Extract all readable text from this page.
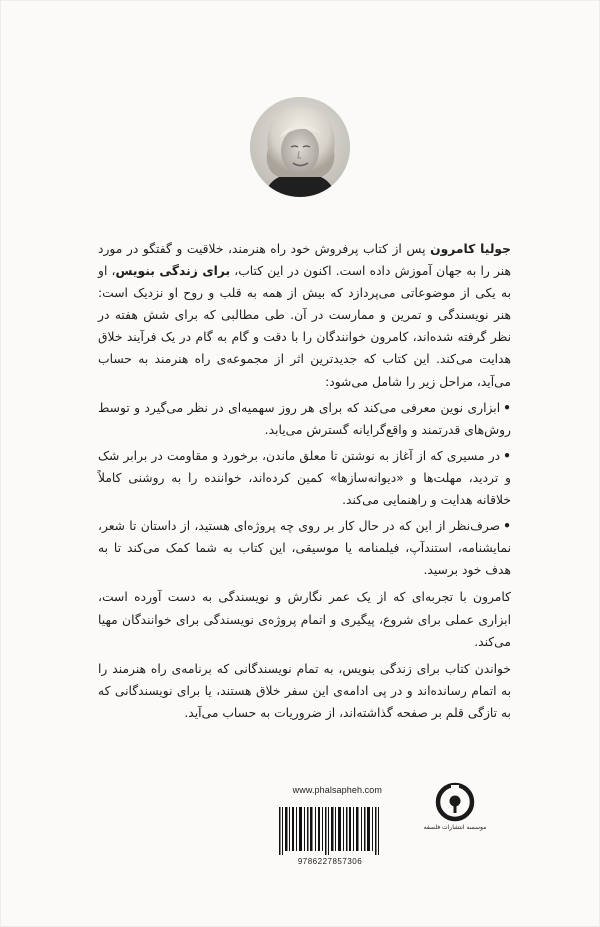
جولیا کامرون پس از کتاب پرفروش خود راه هنرمند، خلاقیت و گفتگو در مورد هنر را به جهان آموزش داده است. اکنون در این کتاب، برای زندگی بنویس، او به یکی از موضوعاتی می‌پردازد که بیش از همه به قلب و روح او نزدیک است: هنر نویسندگی و تمرین و ممارست در آن. طی مطالبی که برای شش هفته در نظر گرفته شده‌اند، کامرون خوانندگان را با دقت و گام به گام در یک فرآیند خلاق هدایت می‌کند. این کتاب که جدیدترین اثر از مجموعه‌ی راه هنرمند به حساب می‌آید، مراحل زیر را شامل می‌شود:

•ابزاری نوین معرفی می‌کند که برای هر روز سهمیه‌ای در نظر می‌گیرد و توسط روش‌های قدرتمند و واقع‌گرایانه گسترش می‌یابد.

•در مسیری که از آغاز به نوشتن تا معلق ماندن، برخورد و مقاومت در برابر شک و تردید، مهلت‌ها و «دیوانه‌سازها» کمین کرده‌اند، خواننده را به روشنی کاملاً خلاقانه هدایت و راهنمایی می‌کند.

•صرف‌نظر از این که در حال کار بر روی چه پروژه‌ای هستید، از داستان تا شعر، نمایشنامه، استندآپ، فیلمنامه یا موسیقی، این کتاب به شما کمک می‌کند تا به هدف خود برسید.

کامرون با تجربه‌ای که از یک عمر نگارش و نویسندگی به دست آورده است، ابزاری عملی برای شروع، پیگیری و اتمام پروژه‌ی نویسندگی برای خوانندگان مهیا می‌کند.

خواندن کتاب برای زندگی بنویس، به تمام نویسندگانی که برنامه‌ی راه هنرمند را به اتمام رسانده‌اند و در پی ادامه‌ی این سفر خلاق هستند، یا برای نویسندگانی که به تازگی قلم بر صفحه گذاشته‌اند، از ضروریات به حساب می‌آید.

www.phalsapheh.com
موسسه انتشارات فلسفه
9786227857306
